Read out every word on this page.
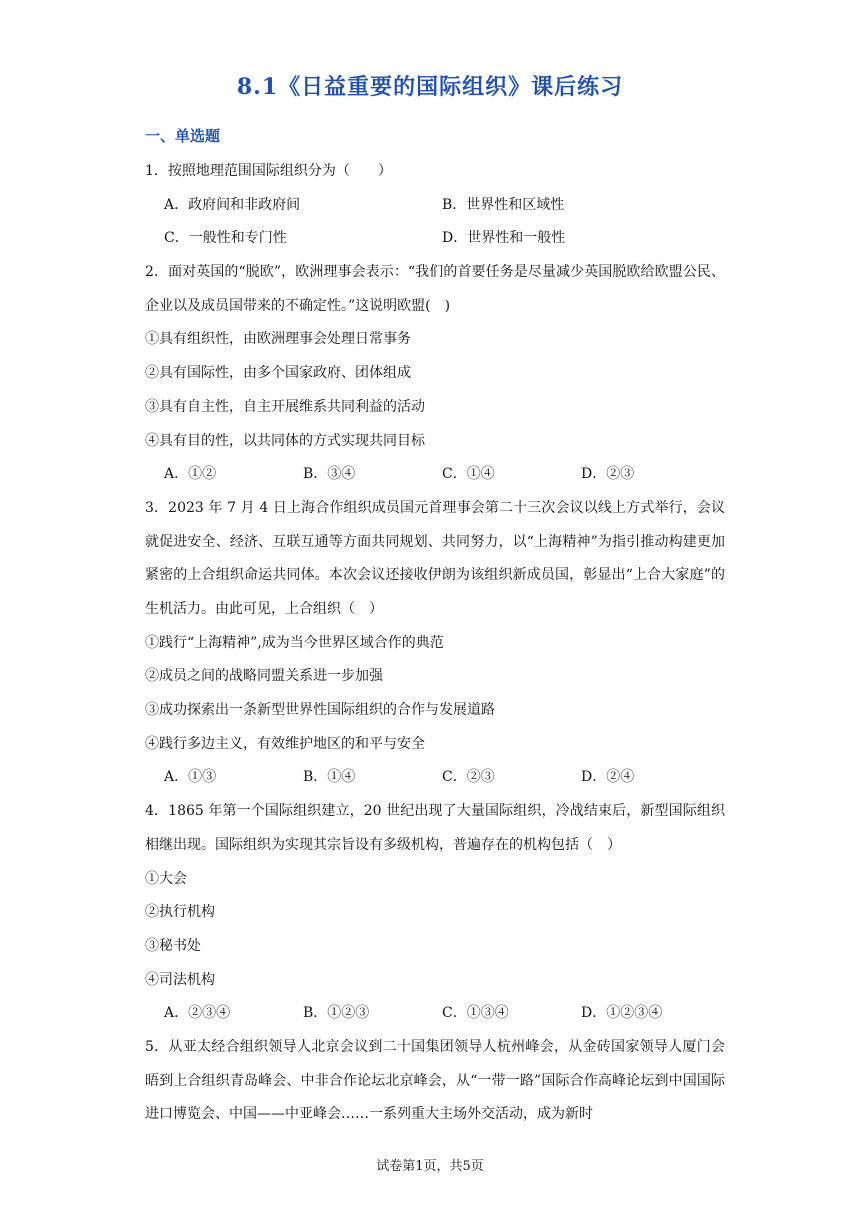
8.1《日益重要的国际组织》课后练习
一、单选题
1．按照地理范围国际组织分为（　　）
A．政府间和非政府间	B．世界性和区域性
C．一般性和专门性	D．世界性和一般性
2．面对英国的“脱欧”，欧洲理事会表示：“我们的首要任务是尽量减少英国脱欧给欧盟公民、企业以及成员国带来的不确定性。”这说明欧盟(　)
①具有组织性，由欧洲理事会处理日常事务
②具有国际性，由多个国家政府、团体组成
③具有自主性，自主开展维系共同利益的活动
④具有目的性，以共同体的方式实现共同目标
A．①②	B．③④	C．①④	D．②③
3．2023 年 7 月 4 日上海合作组织成员国元首理事会第二十三次会议以线上方式举行，会议就促进安全、经济、互联互通等方面共同规划、共同努力，以“上海精神”为指引推动构建更加紧密的上合组织命运共同体。本次会议还接收伊朗为该组织新成员国，彰显出“上合大家庭”的生机活力。由此可见，上合组织（　）
①践行“上海精神”,成为当今世界区域合作的典范
②成员之间的战略同盟关系进一步加强
③成功探索出一条新型世界性国际组织的合作与发展道路
④践行多边主义，有效维护地区的和平与安全
A．①③	B．①④	C．②③	D．②④
4．1865 年第一个国际组织建立，20 世纪出现了大量国际组织，冷战结束后，新型国际组织相继出现。国际组织为实现其宗旨设有多级机构，普遍存在的机构包括（　）
①大会
②执行机构
③秘书处
④司法机构
A．②③④	B．①②③	C．①③④	D．①②③④
5．从亚太经合组织领导人北京会议到二十国集团领导人杭州峰会，从金砖国家领导人厦门会晤到上合组织青岛峰会、中非合作论坛北京峰会，从“一带一路”国际合作高峰论坛到中国国际进口博览会、中国——中亚峰会……一系列重大主场外交活动，成为新时
试卷第1页，共5页
